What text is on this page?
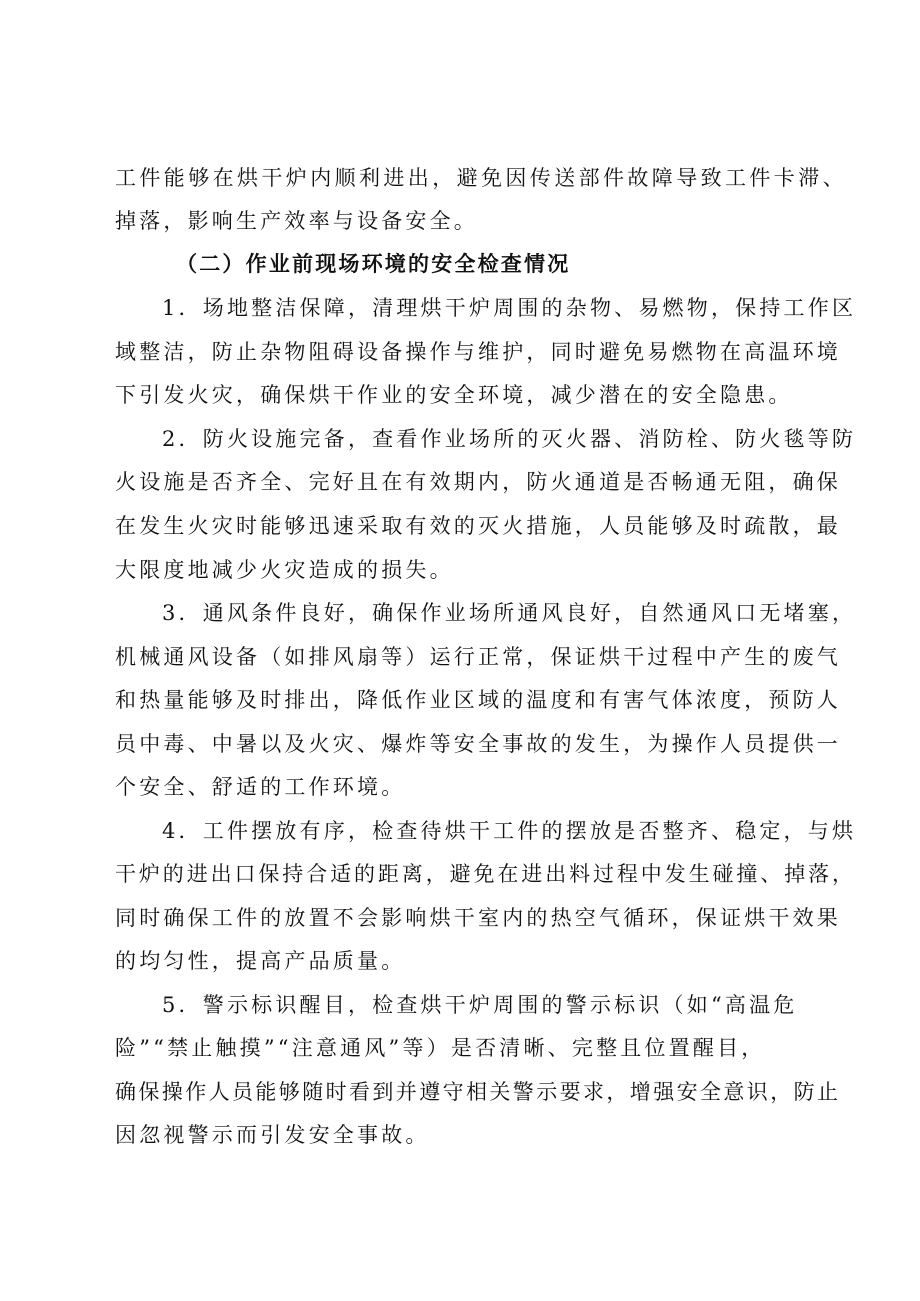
工件能够在烘干炉内顺利进出，避免因传送部件故障导致工件卡滞、
掉落，影响生产效率与设备安全。
（二）作业前现场环境的安全检查情况
1．场地整洁保障，清理烘干炉周围的杂物、易燃物，保持工作区
域整洁，防止杂物阻碍设备操作与维护，同时避免易燃物在高温环境
下引发火灾，确保烘干作业的安全环境，减少潜在的安全隐患。
2．防火设施完备，查看作业场所的灭火器、消防栓、防火毯等防
火设施是否齐全、完好且在有效期内，防火通道是否畅通无阻，确保
在发生火灾时能够迅速采取有效的灭火措施，人员能够及时疏散，最
大限度地减少火灾造成的损失。
3．通风条件良好，确保作业场所通风良好，自然通风口无堵塞，
机械通风设备（如排风扇等）运行正常，保证烘干过程中产生的废气
和热量能够及时排出，降低作业区域的温度和有害气体浓度，预防人
员中毒、中暑以及火灾、爆炸等安全事故的发生，为操作人员提供一
个安全、舒适的工作环境。
4．工件摆放有序，检查待烘干工件的摆放是否整齐、稳定，与烘
干炉的进出口保持合适的距离，避免在进出料过程中发生碰撞、掉落，
同时确保工件的放置不会影响烘干室内的热空气循环，保证烘干效果
的均匀性，提高产品质量。
5．警示标识醒目，检查烘干炉周围的警示标识（如“高温危
险”“禁止触摸”“注意通风”等）是否清晰、完整且位置醒目，
确保操作人员能够随时看到并遵守相关警示要求，增强安全意识，防止
因忽视警示而引发安全事故。
